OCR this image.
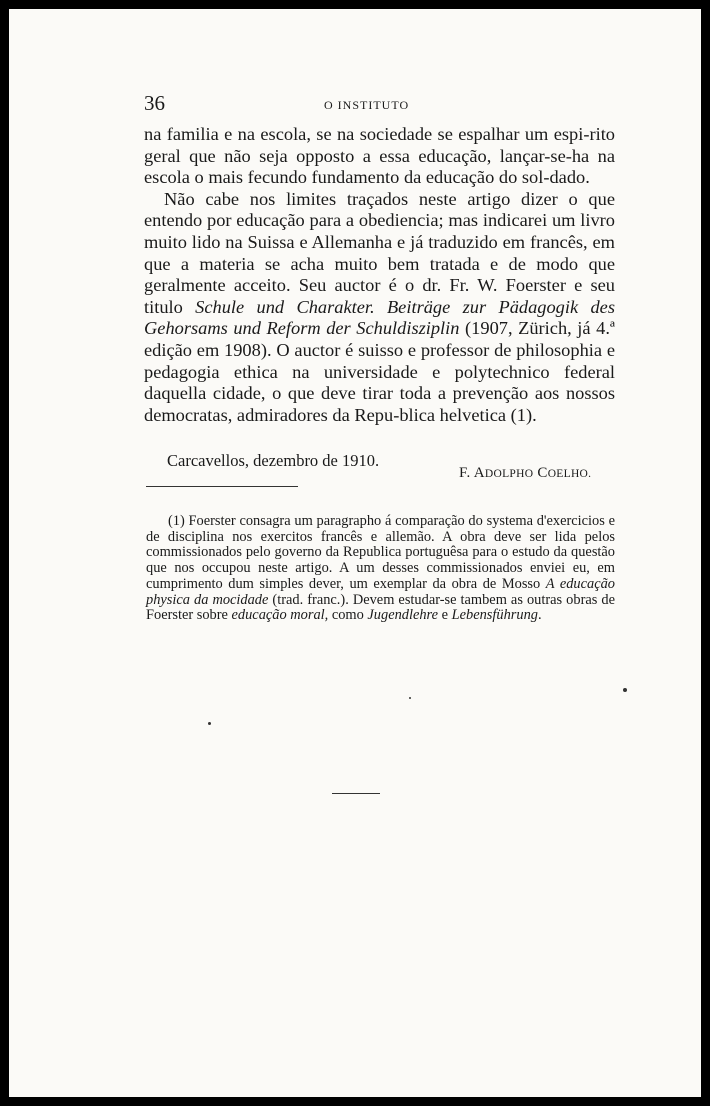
36	O INSTITUTO

na familia e na escola, se na sociedade se espalhar um espi-rito geral que não seja opposto a essa educação, lançar-se-ha na escola o mais fecundo fundamento da educação do sol-dado.

Não cabe nos limites traçados neste artigo dizer o que entendo por educação para a obediencia; mas indicarei um livro muito lido na Suissa e Allemanha e já traduzido em francês, em que a materia se acha muito bem tratada e de modo que geralmente acceito. Seu auctor é o dr. Fr. W. Foerster e seu titulo Schule und Charakter. Beiträge zur Pädagogik des Gehorsams und Reform der Schuldisziplin (1907, Zürich, já 4.ª edição em 1908). O auctor é suisso e professor de philosophia e pedagogia ethica na universidade e polytechnico federal daquella cidade, o que deve tirar toda a prevenção aos nossos democratas, admiradores da Repu-blica helvetica (1).

Carcavellos, dezembro de 1910.
F. ADOLPHO COELHO.
(1) Foerster consagra um paragrapho á comparação do systema d'exercicios e de disciplina nos exercitos francês e allemão. A obra deve ser lida pelos commissionados pelo governo da Republica portuguêsa para o estudo da questão que nos occupou neste artigo. A um desses commissionados enviei eu, em cumprimento dum simples dever, um exemplar da obra de Mosso A educação physica da mocidade (trad. franc.). Devem estudar-se tambem as outras obras de Foerster sobre educação moral, como Jugendlehre e Lebensführung.
